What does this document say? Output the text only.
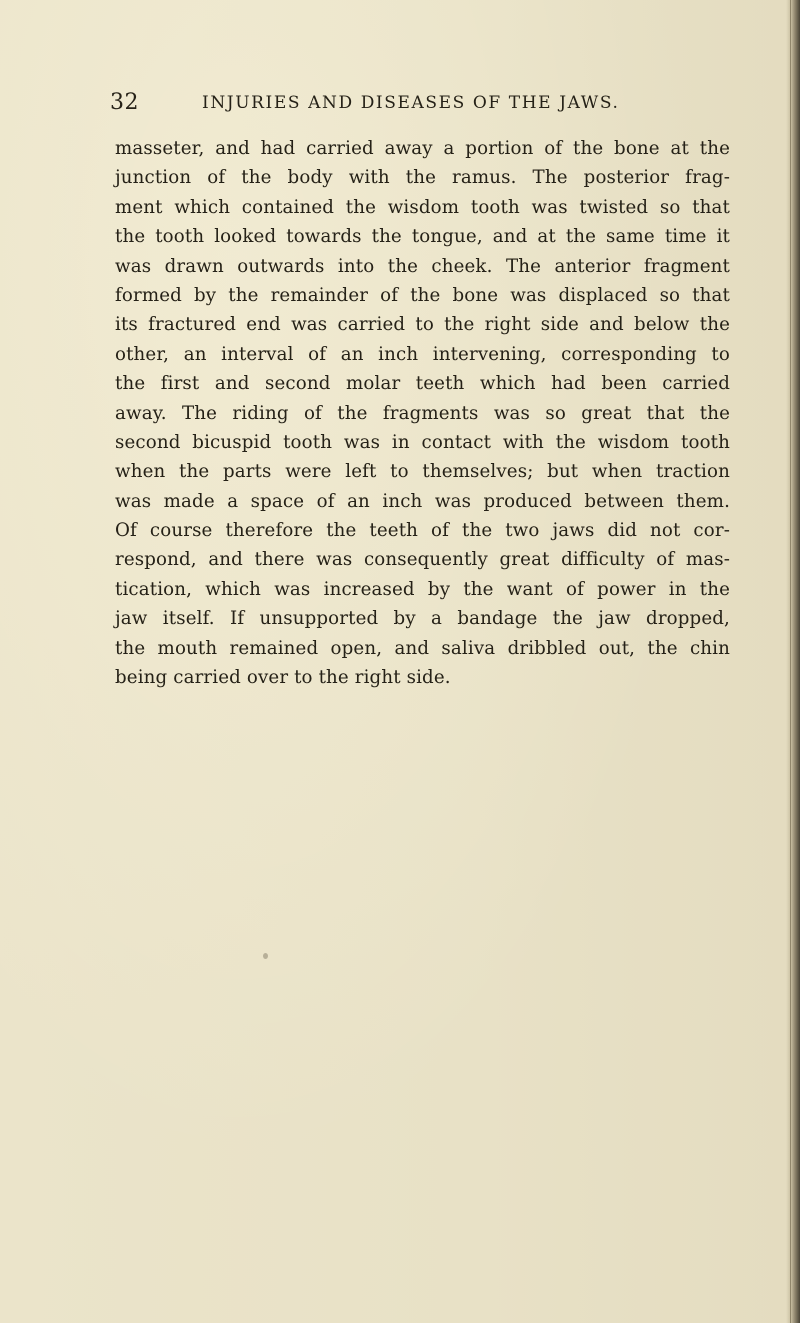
32	INJURIES AND DISEASES OF THE JAWS.
masseter, and had carried away a portion of the bone at the
junction of the body with the ramus. The posterior frag-
ment which contained the wisdom tooth was twisted so that
the tooth looked towards the tongue, and at the same time it
was drawn outwards into the cheek. The anterior fragment
formed by the remainder of the bone was displaced so that
its fractured end was carried to the right side and below the
other, an interval of an inch intervening, corresponding to
the first and second molar teeth which had been carried
away. The riding of the fragments was so great that the
second bicuspid tooth was in contact with the wisdom tooth
when the parts were left to themselves; but when traction
was made a space of an inch was produced between them.
Of course therefore the teeth of the two jaws did not cor-
respond, and there was consequently great difficulty of mas-
tication, which was increased by the want of power in the
jaw itself. If unsupported by a bandage the jaw dropped,
the mouth remained open, and saliva dribbled out, the chin
being carried over to the right side.
